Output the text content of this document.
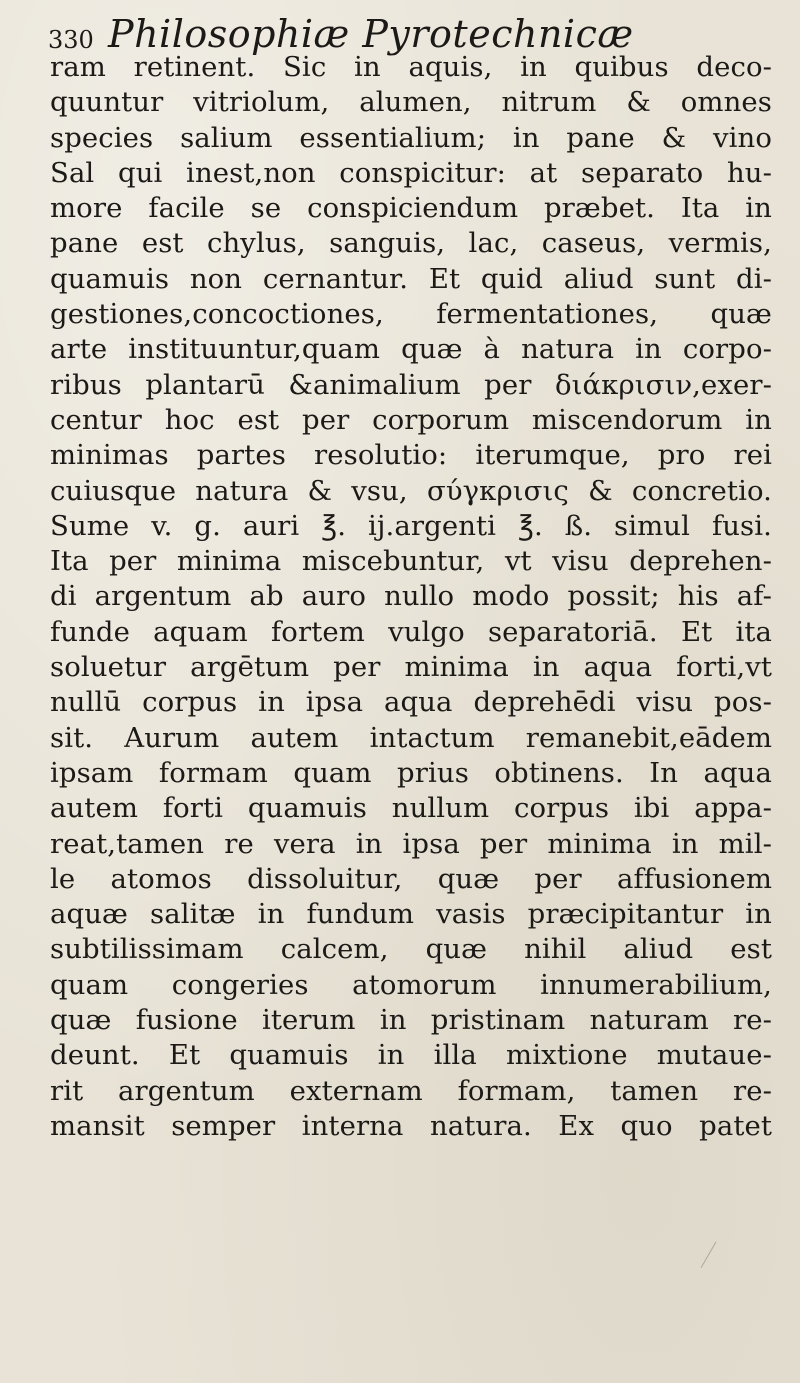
330 Philosophiæ Pyrotechnicæ
ram retinent. Sic in aquis, in quibus deco-
quuntur vitriolum, alumen, nitrum & omnes
species salium essentialium; in pane & vino
Sal qui inest,non conspicitur: at separato hu-
more facile se conspiciendum præbet. Ita in
pane est chylus, sanguis, lac, caseus, vermis,
quamuis non cernantur. Et quid aliud sunt di-
gestiones,concoctiones, fermentationes, quæ
arte instituuntur,quam quæ à natura in corpo-
ribus plantarū &animalium per διάκρισιν,exer-
centur hoc est per corporum miscendorum in
minimas partes resolutio: iterumque, pro rei
cuiusque natura & vsu, σύγκρισις & concretio.
Sume v. g. auri ℥. ij.argenti ℥. ß. simul fusi.
Ita per minima miscebuntur, vt visu deprehen-
di argentum ab auro nullo modo possit; his af-
funde aquam fortem vulgo separatoriā. Et ita
soluetur argētum per minima in aqua forti,vt
nullū corpus in ipsa aqua deprehēdi visu pos-
sit. Aurum autem intactum remanebit,eādem
ipsam formam quam prius obtinens. In aqua
autem forti quamuis nullum corpus ibi appa-
reat,tamen re vera in ipsa per minima in mil-
le atomos dissoluitur, quæ per affusionem
aquæ salitæ in fundum vasis præcipitantur in
subtilissimam calcem, quæ nihil aliud est
quam congeries atomorum innumerabilium,
quæ fusione iterum in pristinam naturam re-
deunt. Et quamuis in illa mixtione mutaue-
rit argentum externam formam, tamen re-
mansit semper interna natura. Ex quo patet
